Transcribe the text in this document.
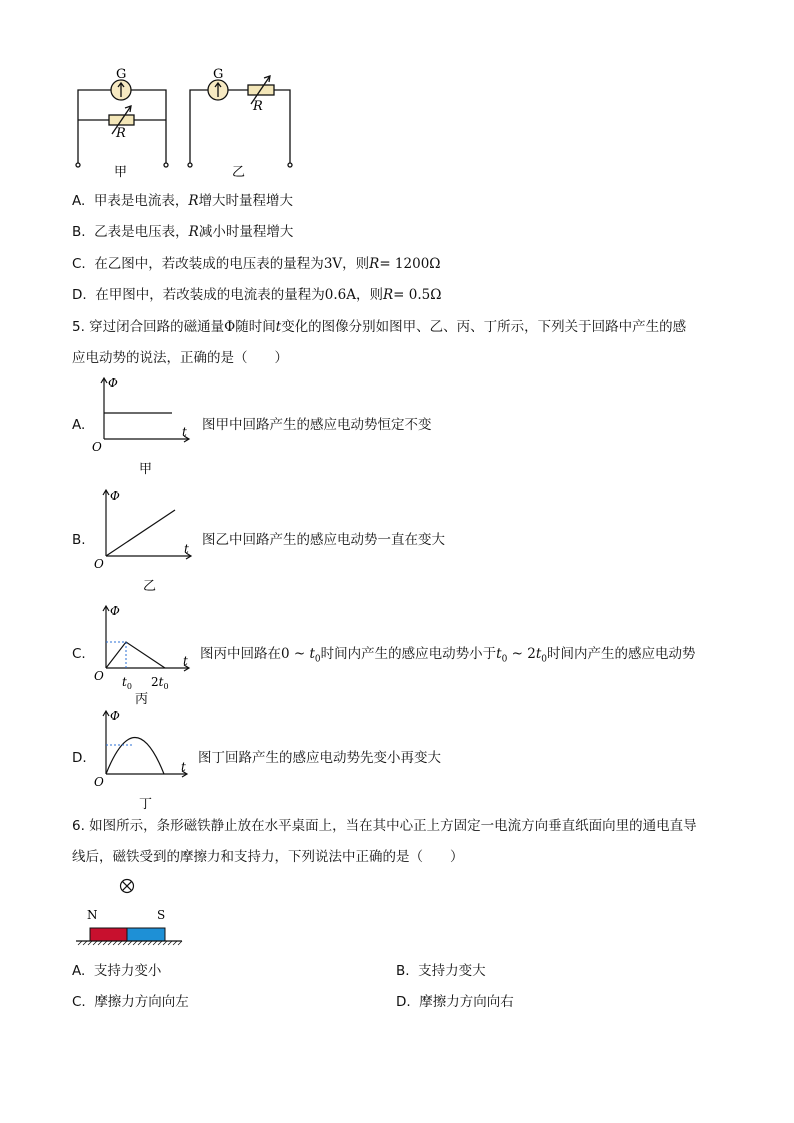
G	G
R
R
甲	乙
A. 甲表是电流表，R增大时量程增大
B. 乙表是电压表，R减小时量程增大
C. 在乙图中，若改装成的电压表的量程为3V，则R= 1200Ω
D. 在甲图中，若改装成的电流表的量程为0.6A，则R= 0.5Ω
5. 穿过闭合回路的磁通量Φ随时间t变化的图像分别如图甲、乙、丙、丁所示，下列关于回路中产生的感
应电动势的说法，正确的是（　　）
A.
Φ
t
O
甲
图甲中回路产生的感应电动势恒定不变
B.
Φ
t
O
乙
图乙中回路产生的感应电动势一直在变大
C.
Φ
t
O $t_0$ $2t_0$
丙
图丙中回路在0 ~ $t_0$时间内产生的感应电动势小于$t_0$ ~ $2t_0$时间内产生的感应电动势
D.
Φ
t
O
丁
图丁回路产生的感应电动势先变小再变大
6. 如图所示，条形磁铁静止放在水平桌面上，当在其中心正上方固定一电流方向垂直纸面向里的通电直导
线后，磁铁受到的摩擦力和支持力，下列说法中正确的是（　　）
N	S
A. 支持力变小	B. 支持力变大
C. 摩擦力方向向左	D. 摩擦力方向向右
